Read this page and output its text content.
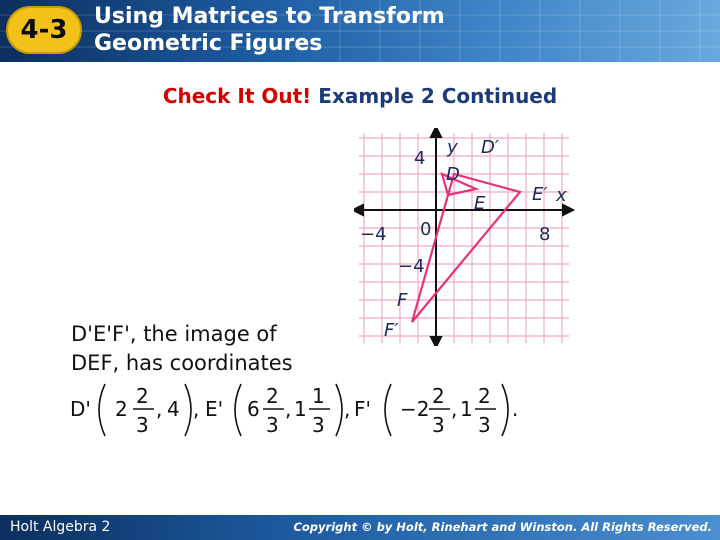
4-3	Using Matrices to Transform
Geometric Figures
Check It Out! Example 2 Continued
4
y D′
D
E	E′ x
−4 0	8
−4
F
F′
D'E'F', the image of
DEF, has coordinates
D' 2
2
3
, 4 , E' 6
2
3
, 1
1
3
, F' −2
2
3
, 1
2
3
.
Holt Algebra 2	Copyright © by Holt, Rinehart and Winston. All Rights Reserved.
